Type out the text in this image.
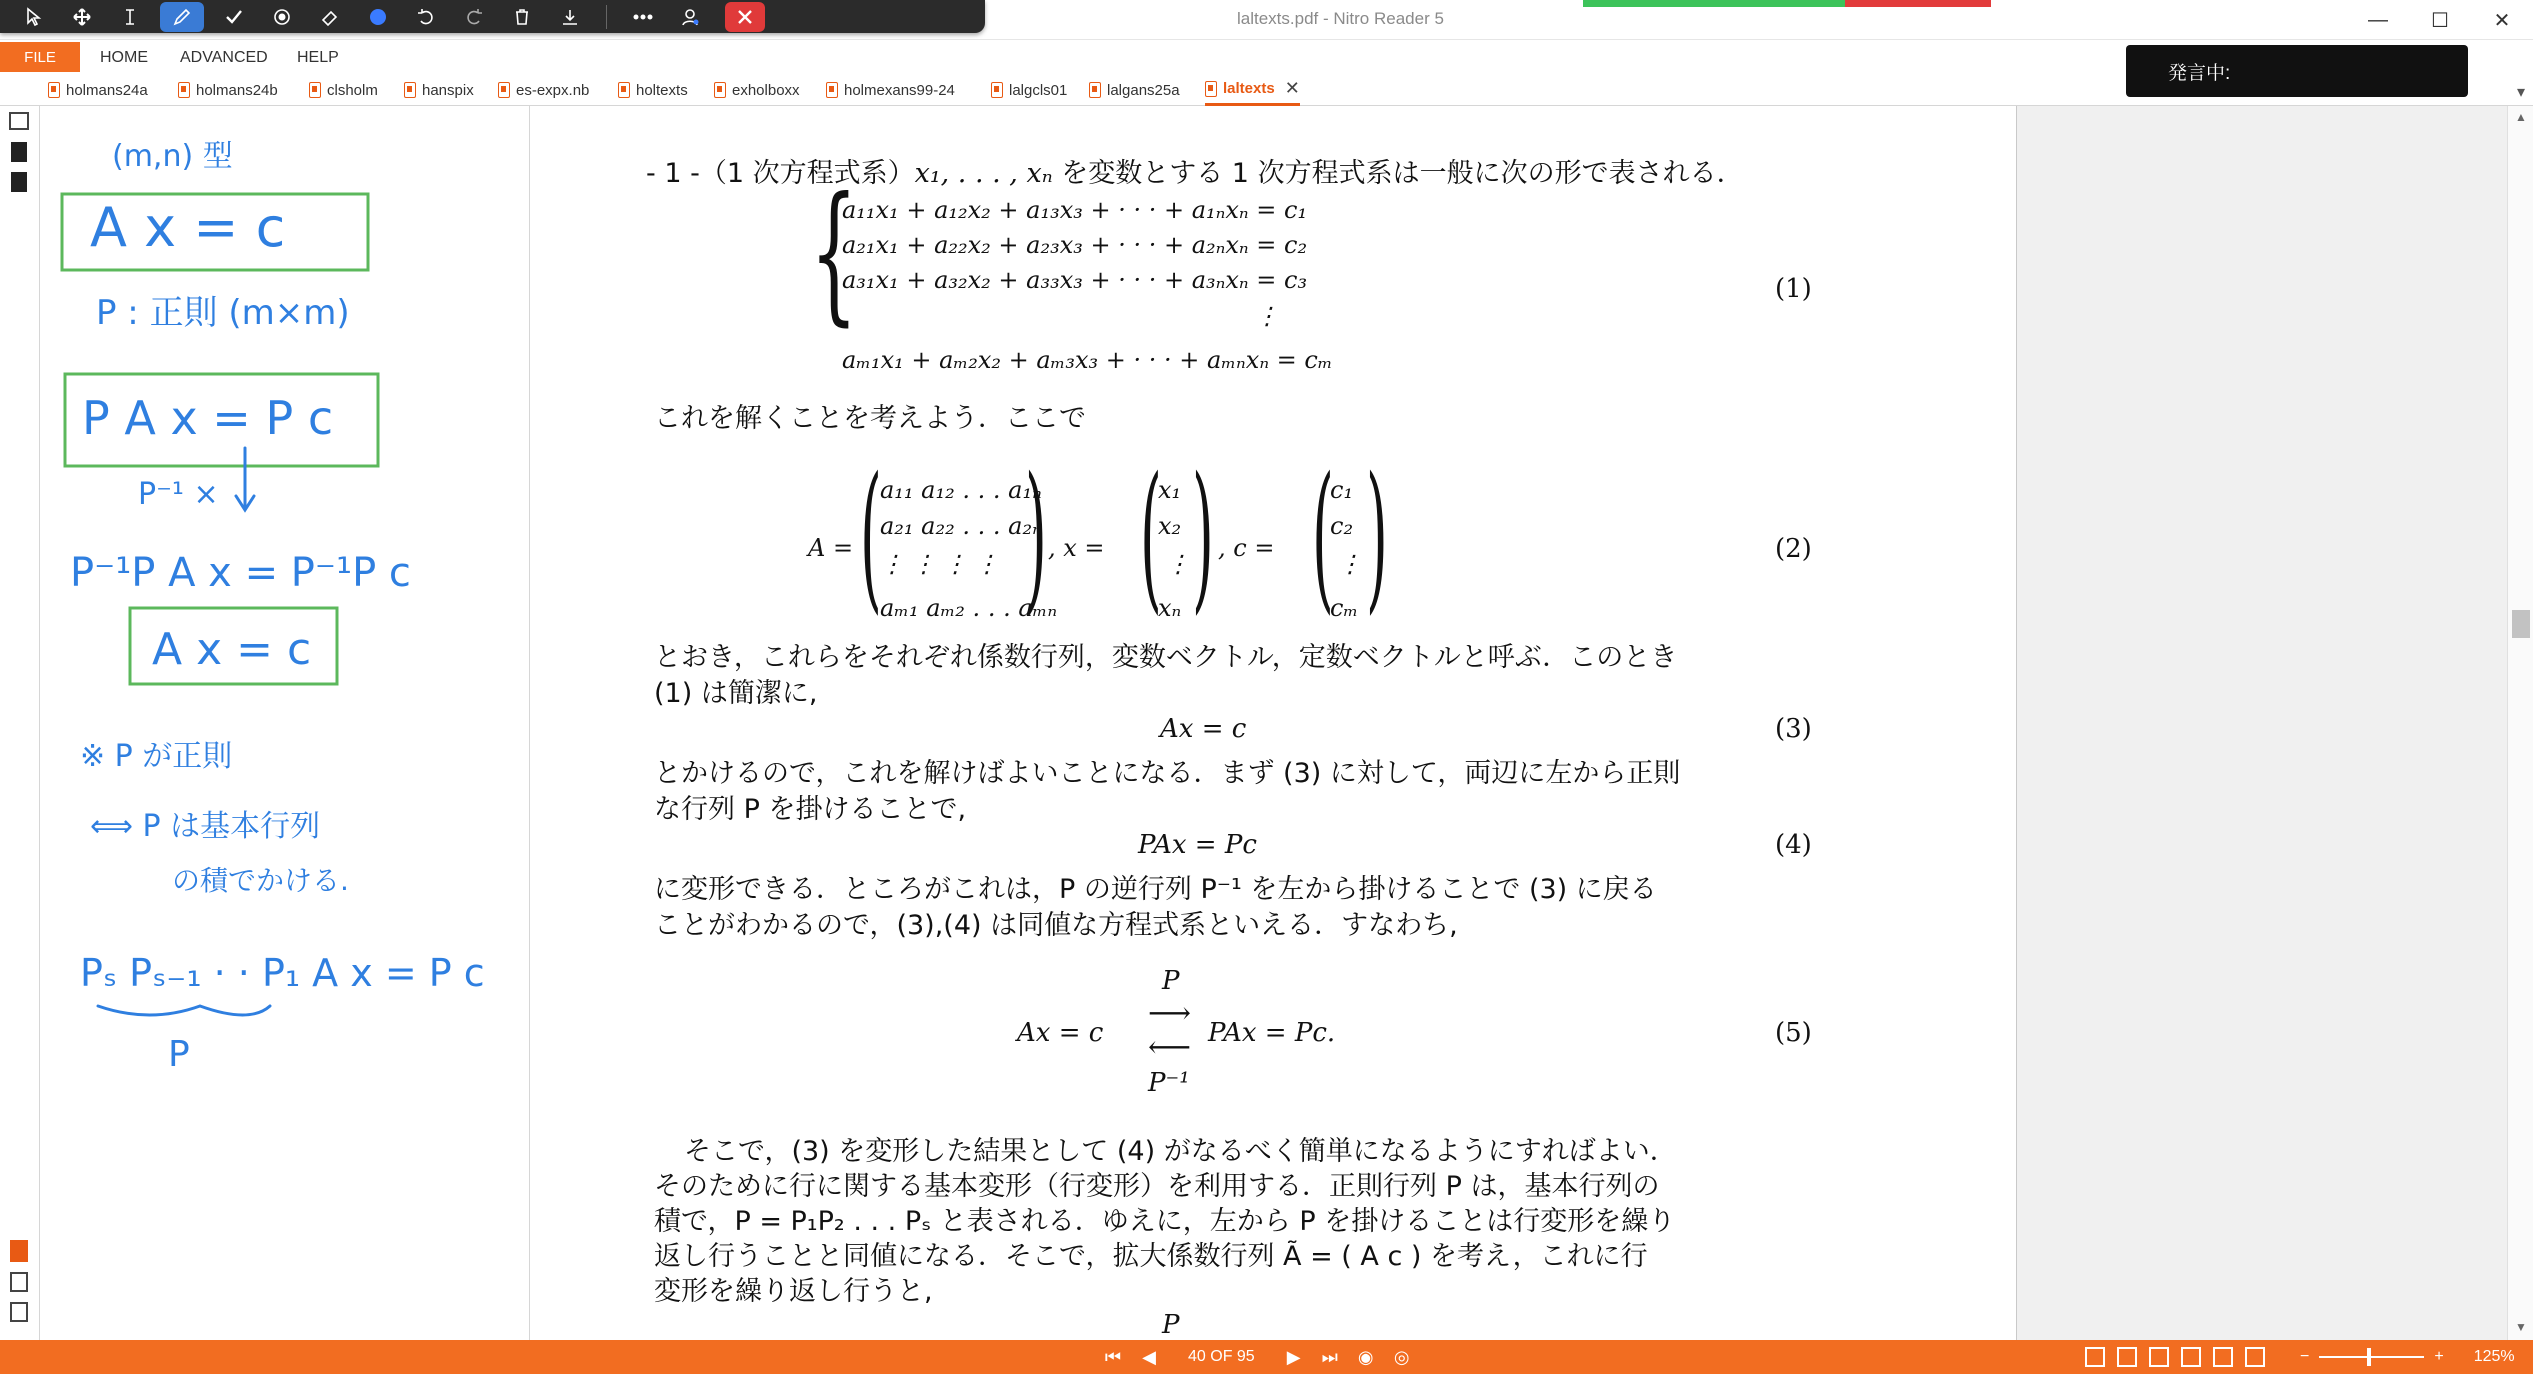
laltexts.pdf - Nitro Reader 5	—	☐	✕
FILE	HOME ADVANCED HELP
holmans24a	holmans24b	clsholm	hanspix	es-expx.nb	holtexts	exholboxx	holmexans99-24	lalgcls01	lalgans25a	laltexts ✕
発言中:
▾
(m,n) 型
A x = c
P : 正則 (m×m)
P A x = P c
P⁻¹ ×
P⁻¹P A x = P⁻¹P c
A x = c
※ P が正則
⟺ P は基本行列
の積でかける.
Pₛ Pₛ₋₁ · · P₁ A x = P c
P
- 1 -（1 次方程式系）x₁, . . . , xₙ を変数とする 1 次方程式系は一般に次の形で表される．
{
a₁₁x₁ + a₁₂x₂ + a₁₃x₃ + · · · + a₁ₙxₙ = c₁
a₂₁x₁ + a₂₂x₂ + a₂₃x₃ + · · · + a₂ₙxₙ = c₂
a₃₁x₁ + a₃₂x₂ + a₃₃x₃ + · · · + a₃ₙxₙ = c₃
⋮
aₘ₁x₁ + aₘ₂x₂ + aₘ₃x₃ + · · · + aₘₙxₙ = cₘ
(1)
これを解くことを考えよう．ここで
A = (
a₁₁ a₁₂ . . . a₁ₙ
a₂₁ a₂₂ . . . a₂ₙ
⋮ ⋮ ⋮ ⋮
aₘ₁ aₘ₂ . . . aₘₙ
) , x = (
x₁
x₂
⋮
xₙ ) , c = (
c₁
c₂
⋮
cₘ )	(2)
とおき，これらをそれぞれ係数行列，変数ベクトル，定数ベクトルと呼ぶ．このとき
(1) は簡潔に,
Ax = c	(3)
とかけるので，これを解けばよいことになる．まず (3) に対して，両辺に左から正則
な行列 P を掛けることで,
PAx = Pc	(4)
に変形できる．ところがこれは，P の逆行列 P⁻¹ を左から掛けることで (3) に戻る
ことがわかるので，(3),(4) は同値な方程式系といえる．すなわち,
P
Ax = c
⟶
⟵ PAx = Pc.
P⁻¹
(5)
そこで，(3) を変形した結果として (4) がなるべく簡単になるようにすればよい．
そのために行に関する基本変形（行変形）を利用する．正則行列 P は，基本行列の
積で，P = P₁P₂ . . . Pₛ と表される．ゆえに，左から P を掛けることは行変形を繰り
返し行うことと同値になる．そこで，拡大係数行列 Ã = ( A c ) を考え，これに行
変形を繰り返し行うと,
P
▲
▼
⏮	◀	40 OF 95	▶	⏭ ◉ ◎	−	+ 125%
